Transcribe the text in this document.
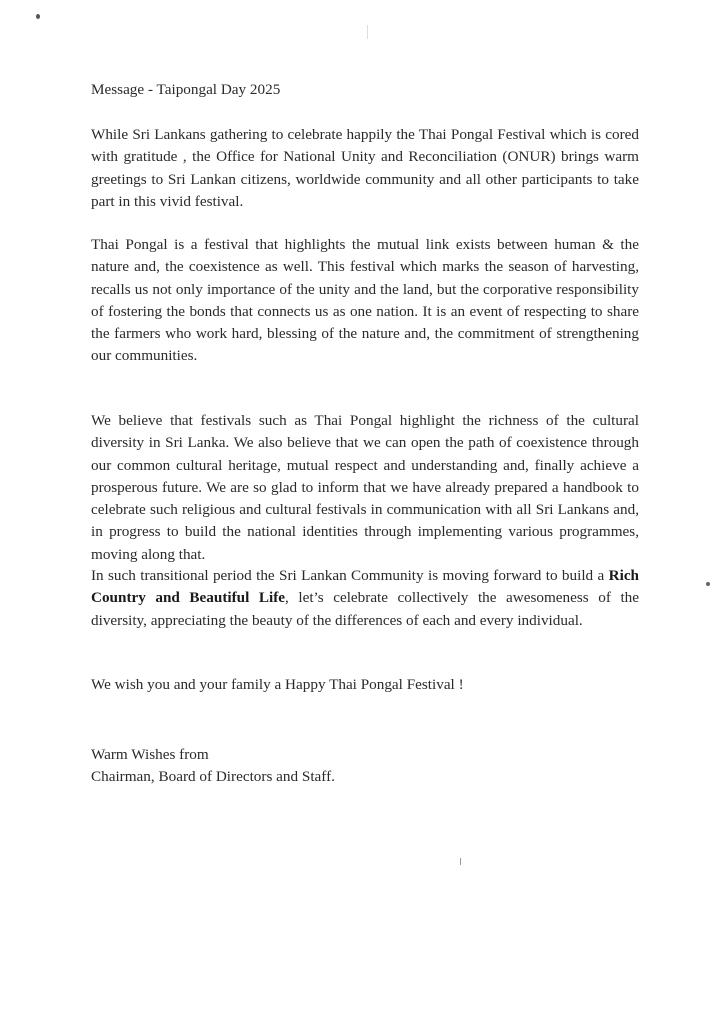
Message - Taipongal Day 2025

While Sri Lankans gathering to celebrate happily the Thai Pongal Festival which is cored with gratitude , the Office for National Unity and Reconciliation (ONUR) brings warm greetings to Sri Lankan citizens, worldwide community and all other participants to take part in this vivid festival.

Thai Pongal is a festival that highlights the mutual link exists between human & the nature and, the coexistence as well. This festival which marks the season of harvesting, recalls us not only importance of the unity and the land, but the corporative responsibility of fostering the bonds that connects us as one nation. It is an event of respecting to share the farmers who work hard, blessing of the nature and, the commitment of strengthening our communities.

We believe that festivals such as Thai Pongal highlight the richness of the cultural diversity in Sri Lanka. We also believe that we can open the path of coexistence through our common cultural heritage, mutual respect and understanding and, finally achieve a prosperous future. We are so glad to inform that we have already prepared a handbook to celebrate such religious and cultural festivals in communication with all Sri Lankans and, in progress to build the national identities through implementing various programmes, moving along that.

In such transitional period the Sri Lankan Community is moving forward to build a Rich Country and Beautiful Life, let’s celebrate collectively the awesomeness of the diversity, appreciating the beauty of the differences of each and every individual.

We wish you and your family a Happy Thai Pongal Festival !

Warm Wishes from
Chairman, Board of Directors and Staff.
